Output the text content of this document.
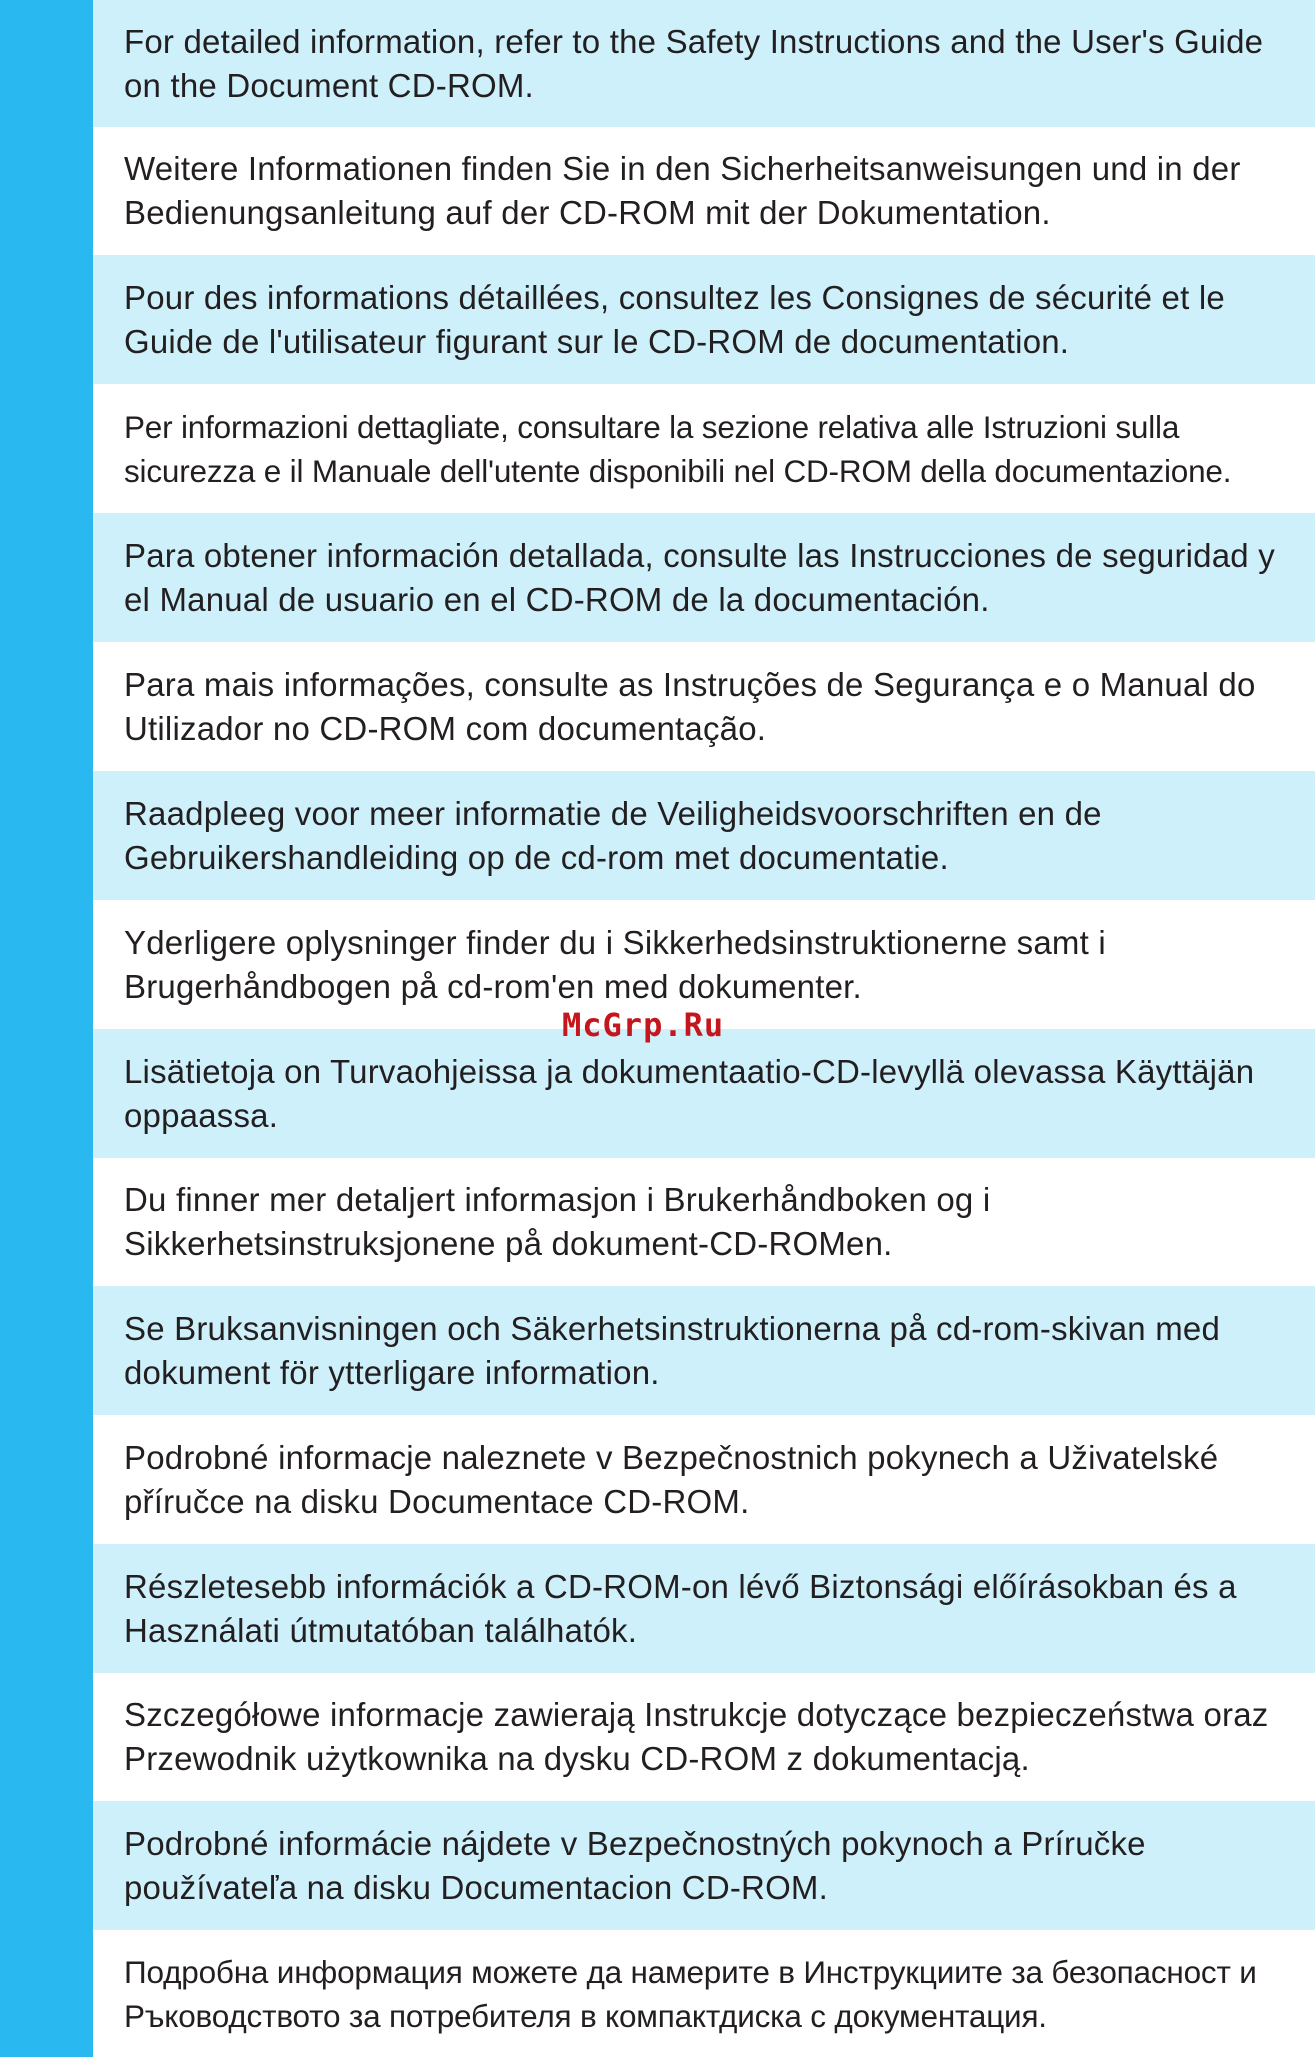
For detailed information, refer to the Safety Instructions and the User's Guide on the Document CD-ROM.
Weitere Informationen finden Sie in den Sicherheitsanweisungen und in der Bedienungsanleitung auf der CD-ROM mit der Dokumentation.
Pour des informations détaillées, consultez les Consignes de sécurité et le Guide de l'utilisateur figurant sur le CD-ROM de documentation.
Per informazioni dettagliate, consultare la sezione relativa alle Istruzioni sulla sicurezza e il Manuale dell'utente disponibili nel CD-ROM della documentazione.
Para obtener información detallada, consulte las Instrucciones de seguridad y el Manual de usuario en el CD-ROM de la documentación.
Para mais informações, consulte as Instruções de Segurança e o Manual do Utilizador no CD-ROM com documentação.
Raadpleeg voor meer informatie de Veiligheidsvoorschriften en de Gebruikershandleiding op de cd-rom met documentatie.
Yderligere oplysninger finder du i Sikkerhedsinstruktionerne samt i Brugerhåndbogen på cd-rom'en med dokumenter.
Lisätietoja on Turvaohjeissa ja dokumentaatio-CD-levyllä olevassa Käyttäjän oppaassa.
Du finner mer detaljert informasjon i Brukerhåndboken og i Sikkerhetsinstruksjonene på dokument-CD-ROMen.
Se Bruksanvisningen och Säkerhetsinstruktionerna på cd-rom-skivan med dokument för ytterligare information.
Podrobné informacje naleznete v Bezpečnostnich pokynech a Uživatelské příručce na disku Documentace CD-ROM.
Részletesebb információk a CD-ROM-on lévő Biztonsági előírásokban és a Használati útmutatóban találhatók.
Szczegółowe informacje zawierają Instrukcje dotyczące bezpieczeństwa oraz Przewodnik użytkownika na dysku CD-ROM z dokumentacją.
Podrobné informácie nájdete v Bezpečnostných pokynoch a Príručke používateľa na disku Documentacion CD-ROM.
Подробна информация можете да намерите в Инструкциите за безопасност и Ръководството за потребителя в компактдиска с документация.
McGrp.Ru
